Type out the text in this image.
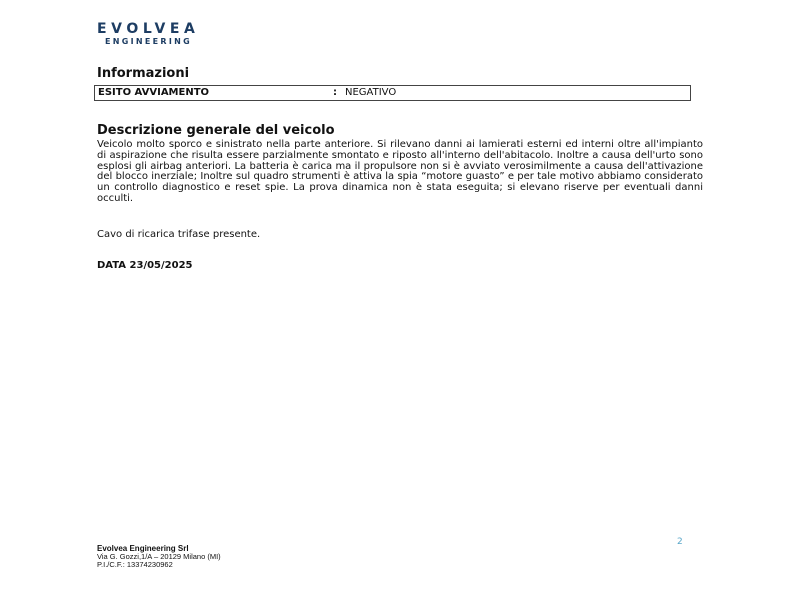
EVOLVEA
ENGINEERING
Informazioni
ESITO AVVIAMENTO	: NEGATIVO
Descrizione generale del veicolo

Veicolo molto sporco e sinistrato nella parte anteriore. Si rilevano danni ai lamierati esterni ed interni oltre all'impianto di aspirazione che risulta essere parzialmente smontato e riposto all'interno dell'abitacolo. Inoltre a causa dell'urto sono esplosi gli airbag anteriori. La batteria è carica ma il propulsore non si è avviato verosimilmente a causa dell'attivazione del blocco inerziale; Inoltre sul quadro strumenti è attiva la spia “motore guasto” e per tale motivo abbiamo considerato un controllo diagnostico e reset spie. La prova dinamica non è stata eseguita; si elevano riserve per eventuali danni occulti.

Cavo di ricarica trifase presente.

DATA 23/05/2025
2
Evolvea Engineering Srl
Via G. Gozzi,1/A – 20129 Milano (MI)
P.I./C.F.: 13374230962
